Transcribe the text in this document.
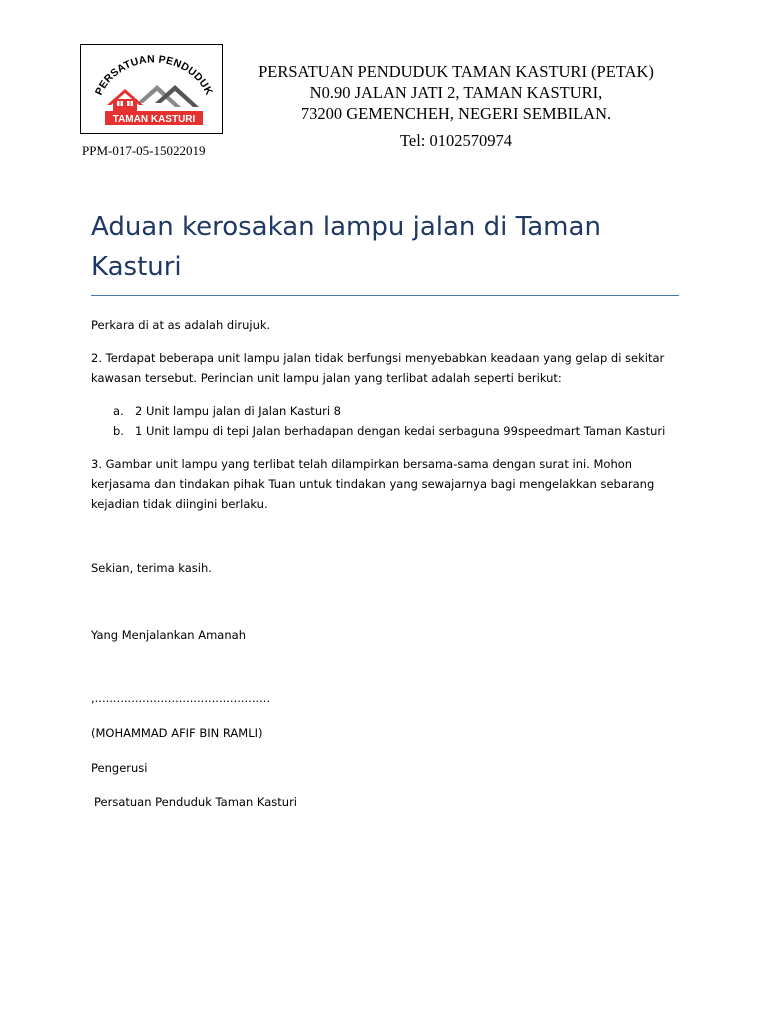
PERSATUAN PENDUDUK
TAMAN KASTURI
PPM-017-05-15022019
PERSATUAN PENDUDUK TAMAN KASTURI (PETAK)
N0.90 JALAN JATI 2, TAMAN KASTURI,
73200 GEMENCHEH, NEGERI SEMBILAN.
Tel: 0102570974
Aduan kerosakan lampu jalan di Taman Kasturi

Perkara di at as adalah dirujuk.

2. Terdapat beberapa unit lampu jalan tidak berfungsi menyebabkan keadaan yang gelap di sekitar kawasan tersebut. Perincian unit lampu jalan yang terlibat adalah seperti berikut:

a. 2 Unit lampu jalan di Jalan Kasturi 8
b. 1 Unit lampu di tepi Jalan berhadapan dengan kedai serbaguna 99speedmart Taman Kasturi

3. Gambar unit lampu yang terlibat telah dilampirkan bersama-sama dengan surat ini. Mohon kerjasama dan tindakan pihak Tuan untuk tindakan yang sewajarnya bagi mengelakkan sebarang kejadian tidak diingini berlaku.

Sekian, terima kasih.

Yang Menjalankan Amanah

,................................................

(MOHAMMAD AFIF BIN RAMLI)

Pengerusi

Persatuan Penduduk Taman Kasturi
